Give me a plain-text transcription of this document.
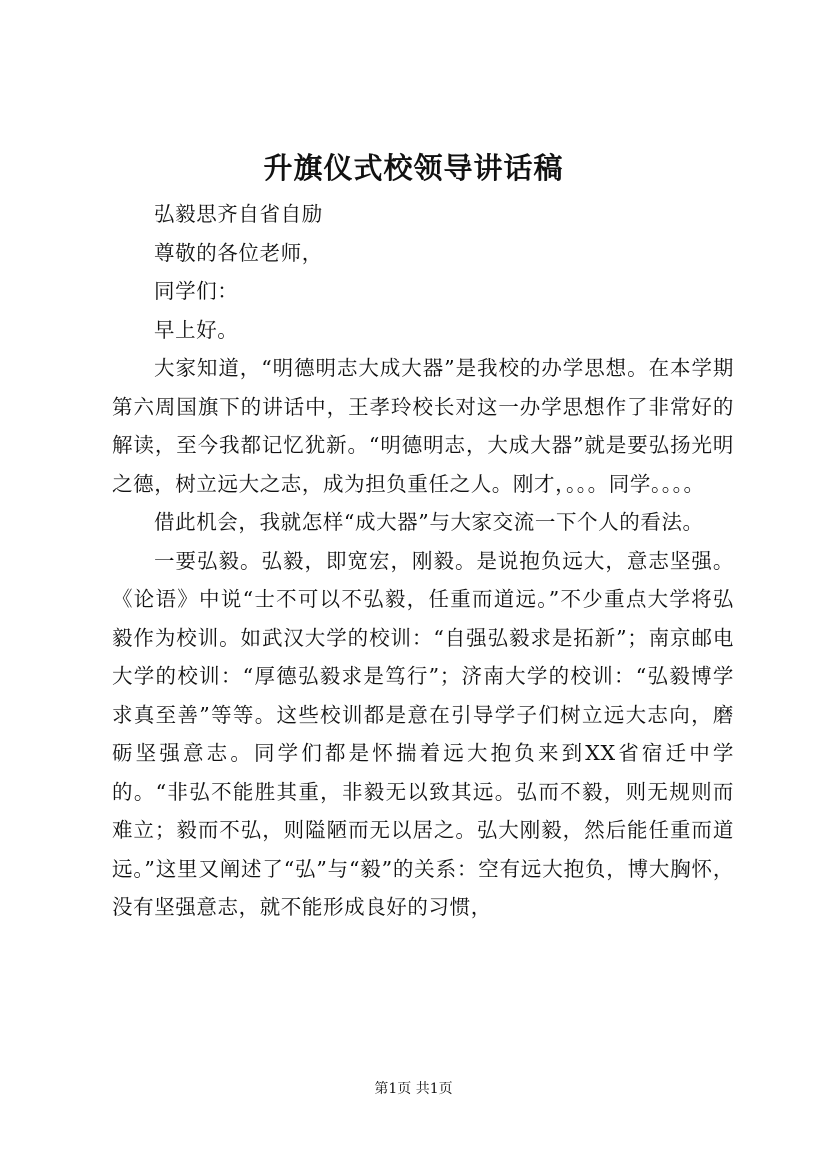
升旗仪式校领导讲话稿

弘毅思齐自省自励

尊敬的各位老师，

同学们：

早上好。

大家知道，“明德明志大成大器”是我校的办学思想。在本学期第六周国旗下的讲话中，王孝玲校长对这一办学思想作了非常好的解读，至今我都记忆犹新。“明德明志，大成大器”就是要弘扬光明之德，树立远大之志，成为担负重任之人。刚才，。。。同学。。。。

借此机会，我就怎样“成大器”与大家交流一下个人的看法。

一要弘毅。弘毅，即宽宏，刚毅。是说抱负远大，意志坚强。《论语》中说“士不可以不弘毅，任重而道远。”不少重点大学将弘毅作为校训。如武汉大学的校训：“自强弘毅求是拓新”；南京邮电大学的校训：“厚德弘毅求是笃行”；济南大学的校训：“弘毅博学求真至善”等等。这些校训都是意在引导学子们树立远大志向，磨砺坚强意志。同学们都是怀揣着远大抱负来到XX省宿迁中学的。“非弘不能胜其重，非毅无以致其远。弘而不毅，则无规则而难立；毅而不弘，则隘陋而无以居之。弘大刚毅，然后能任重而道远。”这里又阐述了“弘”与“毅”的关系：空有远大抱负，博大胸怀，没有坚强意志，就不能形成良好的习惯，

第1页 共1页
